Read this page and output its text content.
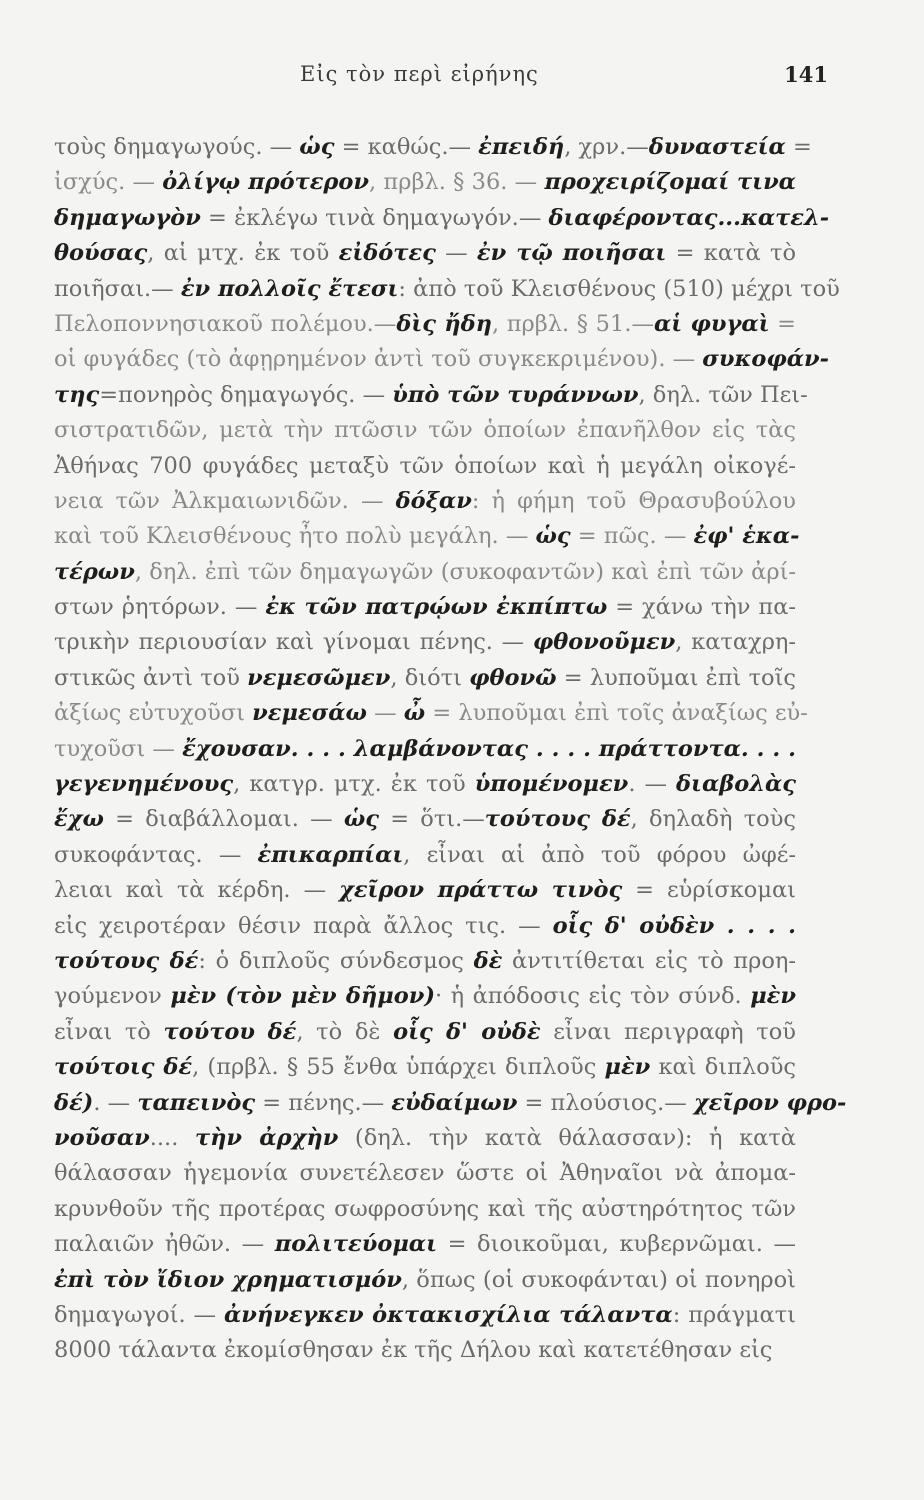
Εἰς τὸν περὶ εἰρήνης	141
τοὺς δημαγωγούς. — ὡς = καθώς.— ἐπειδή, χρν.—δυναστεία =
ἰσχύς. — ὀλίγῳ πρότερον, πρβλ. § 36. — προχειρίζομαί τινα
δημαγωγὸν = ἐκλέγω τινὰ δημαγωγόν.— διαφέροντας...κατελ-
θούσας, αἱ μτχ. ἐκ τοῦ εἰδότες — ἐν τῷ ποιῆσαι = κατὰ τὸ
ποιῆσαι.— ἐν πολλοῖς ἔτεσι: ἀπὸ τοῦ Κλεισθένους (510) μέχρι τοῦ
Πελοποννησιακοῦ πολέμου.—δὶς ἤδη, πρβλ. § 51.—αἱ φυγαὶ =
οἱ φυγάδες (τὸ ἀφῃρημένον ἀντὶ τοῦ συγκεκριμένου). — συκοφάν-
της=πονηρὸς δημαγωγός. — ὑπὸ τῶν τυράννων, δηλ. τῶν Πει-
σιστρατιδῶν, μετὰ τὴν πτῶσιν τῶν ὁποίων ἐπανῆλθον εἰς τὰς
Ἀθήνας 700 φυγάδες μεταξὺ τῶν ὁποίων καὶ ἡ μεγάλη οἰκογέ-
νεια τῶν Ἀλκμαιωνιδῶν. — δόξαν: ἡ φήμη τοῦ Θρασυβούλου
καὶ τοῦ Κλεισθένους ἦτο πολὺ μεγάλη. — ὡς = πῶς. — ἐφ' ἑκα-
τέρων, δηλ. ἐπὶ τῶν δημαγωγῶν (συκοφαντῶν) καὶ ἐπὶ τῶν ἀρί-
στων ῥητόρων. — ἐκ τῶν πατρῴων ἐκπίπτω = χάνω τὴν πα-
τρικὴν περιουσίαν καὶ γίνομαι πένης. — φθονοῦμεν, καταχρη-
στικῶς ἀντὶ τοῦ νεμεσῶμεν, διότι φθονῶ = λυποῦμαι ἐπὶ τοῖς
ἀξίως εὐτυχοῦσι νεμεσάω — ὦ = λυποῦμαι ἐπὶ τοῖς ἀναξίως εὐ-
τυχοῦσι — ἔχουσαν. . . . λαμβάνοντας . . . . πράττοντα. . . .
γεγενημένους, κατγρ. μτχ. ἐκ τοῦ ὑπομένομεν. — διαβολὰς
ἔχω = διαβάλλομαι. — ὡς = ὅτι.—τούτους δέ, δηλαδὴ τοὺς
συκοφάντας. — ἐπικαρπίαι, εἶναι αἱ ἀπὸ τοῦ φόρου ὠφέ-
λειαι καὶ τὰ κέρδη. — χεῖρον πράττω τινὸς = εὑρίσκομαι
εἰς χειροτέραν θέσιν παρὰ ἄλλος τις. — οἷς δ' οὐδὲν . . . .
τούτους δέ: ὁ διπλοῦς σύνδεσμος δὲ ἀντιτίθεται εἰς τὸ προη-
γούμενον μὲν (τὸν μὲν δῆμον)· ἡ ἀπόδοσις εἰς τὸν σύνδ. μὲν
εἶναι τὸ τούτου δέ, τὸ δὲ οἷς δ' οὐδὲ εἶναι περιγραφὴ τοῦ
τούτοις δέ, (πρβλ. § 55 ἔνθα ὑπάρχει διπλοῦς μὲν καὶ διπλοῦς
δέ). — ταπεινὸς = πένης.— εὐδαίμων = πλούσιος.— χεῖρον φρο-
νοῦσαν.... τὴν ἀρχὴν (δηλ. τὴν κατὰ θάλασσαν): ἡ κατὰ
θάλασσαν ἡγεμονία συνετέλεσεν ὥστε οἱ Ἀθηναῖοι νὰ ἀπομα-
κρυνθοῦν τῆς προτέρας σωφροσύνης καὶ τῆς αὐστηρότητος τῶν
παλαιῶν ἠθῶν. — πολιτεύομαι = διοικοῦμαι, κυβερνῶμαι. —
ἐπὶ τὸν ἴδιον χρηματισμόν, ὅπως (οἱ συκοφάνται) οἱ πονηροὶ
δημαγωγοί. — ἀνήνεγκεν ὀκτακισχίλια τάλαντα: πράγματι
8000 τάλαντα ἐκομίσθησαν ἐκ τῆς Δήλου καὶ κατετέθησαν εἰς
